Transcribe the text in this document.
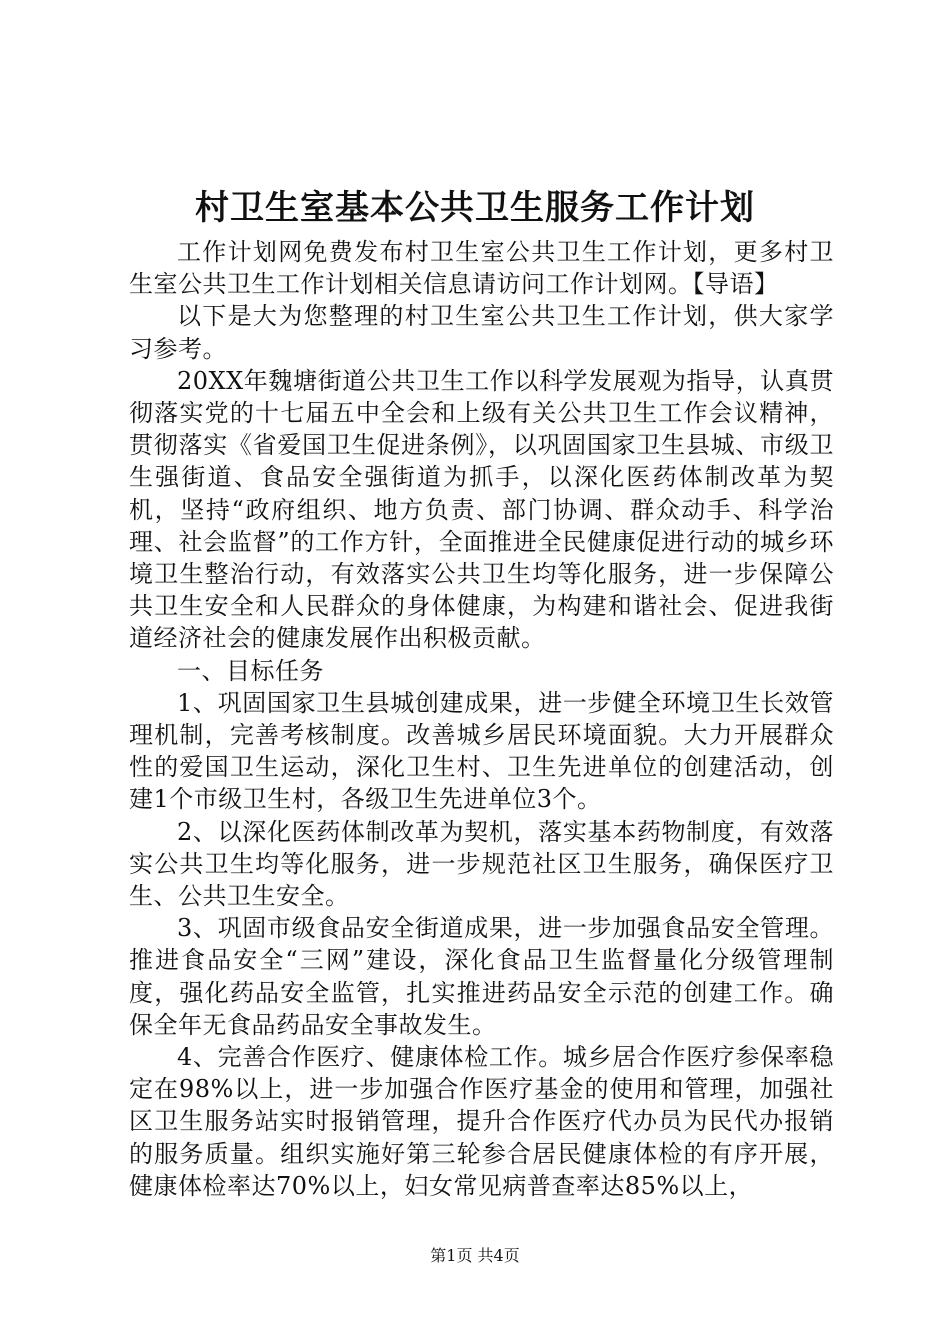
村卫生室基本公共卫生服务工作计划

工作计划网免费发布村卫生室公共卫生工作计划，更多村卫生室公共卫生工作计划相关信息请访问工作计划网。【导语】

以下是大为您整理的村卫生室公共卫生工作计划，供大家学习参考。

20XX年魏塘街道公共卫生工作以科学发展观为指导，认真贯彻落实党的十七届五中全会和上级有关公共卫生工作会议精神，贯彻落实《省爱国卫生促进条例》，以巩固国家卫生县城、市级卫生强街道、食品安全强街道为抓手，以深化医药体制改革为契机，坚持“政府组织、地方负责、部门协调、群众动手、科学治理、社会监督”的工作方针，全面推进全民健康促进行动的城乡环境卫生整治行动，有效落实公共卫生均等化服务，进一步保障公共卫生安全和人民群众的身体健康，为构建和谐社会、促进我街道经济社会的健康发展作出积极贡献。

一、目标任务

1、巩固国家卫生县城创建成果，进一步健全环境卫生长效管理机制，完善考核制度。改善城乡居民环境面貌。大力开展群众性的爱国卫生运动，深化卫生村、卫生先进单位的创建活动，创建1个市级卫生村，各级卫生先进单位3个。

2、以深化医药体制改革为契机，落实基本药物制度，有效落实公共卫生均等化服务，进一步规范社区卫生服务，确保医疗卫生、公共卫生安全。

3、巩固市级食品安全街道成果，进一步加强食品安全管理。推进食品安全“三网”建设，深化食品卫生监督量化分级管理制度，强化药品安全监管，扎实推进药品安全示范的创建工作。确保全年无食品药品安全事故发生。

4、完善合作医疗、健康体检工作。城乡居合作医疗参保率稳定在98%以上，进一步加强合作医疗基金的使用和管理，加强社区卫生服务站实时报销管理，提升合作医疗代办员为民代办报销的服务质量。组织实施好第三轮参合居民健康体检的有序开展，健康体检率达70%以上，妇女常见病普查率达85%以上，

第1页 共4页
